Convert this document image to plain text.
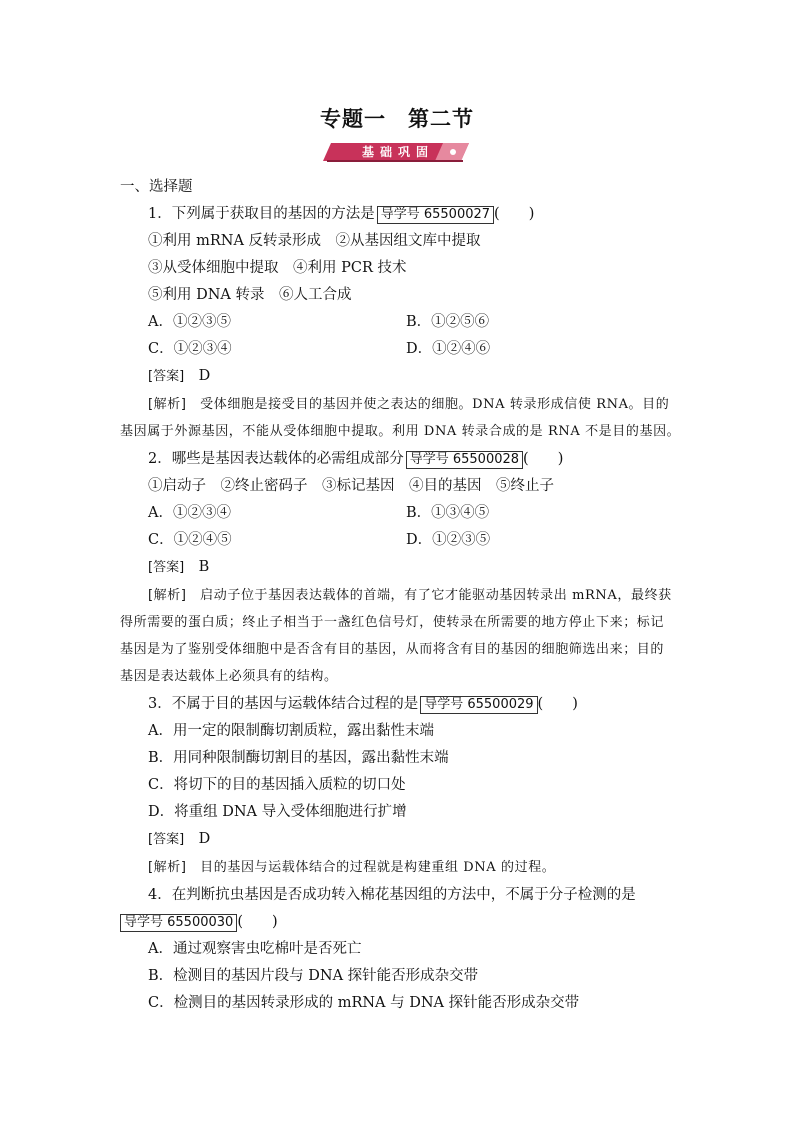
专题一　第二节
基础巩固
一、选择题
1．下列属于获取目的基因的方法是 导学号 65500027 (　　)
①利用 mRNA 反转录形成　②从基因组文库中提取
③从受体细胞中提取　④利用 PCR 技术
⑤利用 DNA 转录　⑥人工合成
A．①②③⑤	B．①②⑤⑥
C．①②③④	D．①②④⑥
[答案]　 D
[解析]　 受体细胞是接受目的基因并使之表达的细胞。DNA 转录形成信使 RNA。目的
基因属于外源基因，不能从受体细胞中提取。利用 DNA 转录合成的是 RNA 不是目的基因。
2．哪些是基因表达载体的必需组成部分 导学号 65500028 (　　)
①启动子　②终止密码子　③标记基因　④目的基因　⑤终止子
A．①②③④	B．①③④⑤
C．①②④⑤	D．①②③⑤
[答案]　 B
[解析]　 启动子位于基因表达载体的首端，有了它才能驱动基因转录出 mRNA，最终获
得所需要的蛋白质；终止子相当于一盏红色信号灯，使转录在所需要的地方停止下来；标记
基因是为了鉴别受体细胞中是否含有目的基因，从而将含有目的基因的细胞筛选出来；目的
基因是表达载体上必须具有的结构。
3．不属于目的基因与运载体结合过程的是 导学号 65500029 (　　)
A．用一定的限制酶切割质粒，露出黏性末端
B．用同种限制酶切割目的基因，露出黏性末端
C．将切下的目的基因插入质粒的切口处
D．将重组 DNA 导入受体细胞进行扩增
[答案]　 D
[解析]　 目的基因与运载体结合的过程就是构建重组 DNA 的过程。
4．在判断抗虫基因是否成功转入棉花基因组的方法中，不属于分子检测的是
导学号 65500030 (　　)
A．通过观察害虫吃棉叶是否死亡
B．检测目的基因片段与 DNA 探针能否形成杂交带
C．检测目的基因转录形成的 mRNA 与 DNA 探针能否形成杂交带
